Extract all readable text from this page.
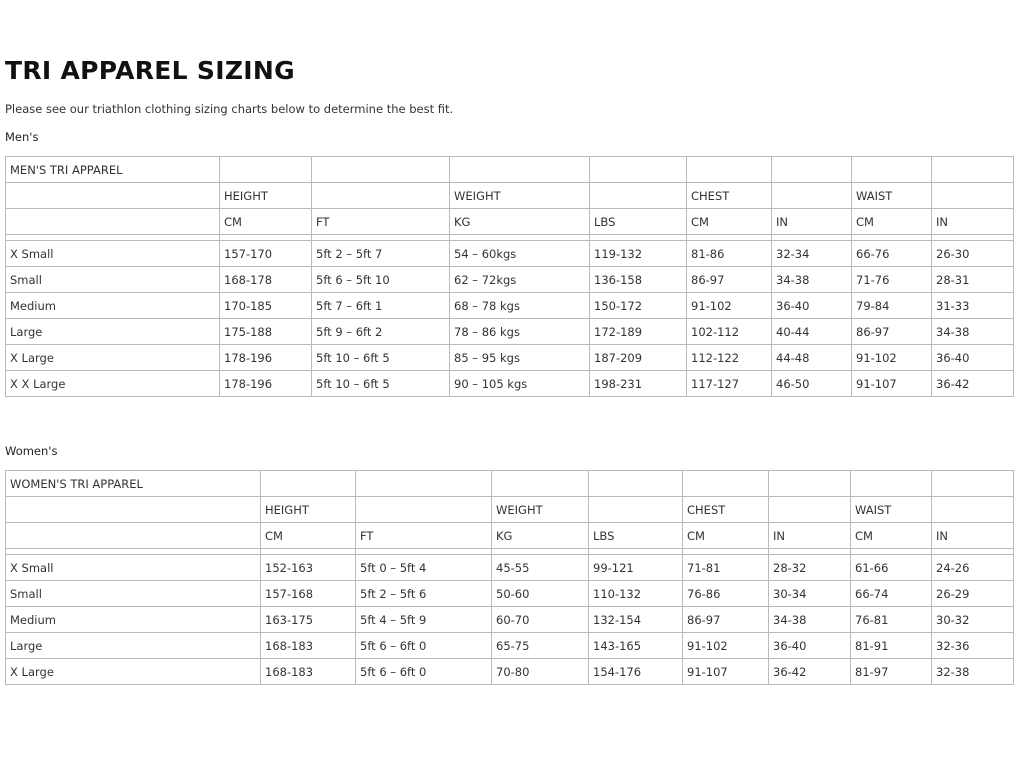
TRI APPAREL SIZING

Please see our triathlon clothing sizing charts below to determine the best fit.

Men's

MEN'S TRI APPAREL								
	HEIGHT		WEIGHT		CHEST		WAIST	
	CM	FT	KG	LBS	CM	IN	CM	IN

X Small	157-170	5ft 2 – 5ft 7	54 – 60kgs	119-132	81-86	32-34	66-76	26-30
Small	168-178	5ft 6 – 5ft 10	62 – 72kgs	136-158	86-97	34-38	71-76	28-31
Medium	170-185	5ft 7 – 6ft 1	68 – 78 kgs	150-172	91-102	36-40	79-84	31-33
Large	175-188	5ft 9 – 6ft 2	78 – 86 kgs	172-189	102-112	40-44	86-97	34-38
X Large	178-196	5ft 10 – 6ft 5	85 – 95 kgs	187-209	112-122	44-48	91-102	36-40
X X Large	178-196	5ft 10 – 6ft 5	90 – 105 kgs	198-231	117-127	46-50	91-107	36-42

Women's

WOMEN'S TRI APPAREL								
	HEIGHT		WEIGHT		CHEST		WAIST	
	CM	FT	KG	LBS	CM	IN	CM	IN

X Small	152-163	5ft 0 – 5ft 4	45-55	99-121	71-81	28-32	61-66	24-26
Small	157-168	5ft 2 – 5ft 6	50-60	110-132	76-86	30-34	66-74	26-29
Medium	163-175	5ft 4 – 5ft 9	60-70	132-154	86-97	34-38	76-81	30-32
Large	168-183	5ft 6 – 6ft 0	65-75	143-165	91-102	36-40	81-91	32-36
X Large	168-183	5ft 6 – 6ft 0	70-80	154-176	91-107	36-42	81-97	32-38
